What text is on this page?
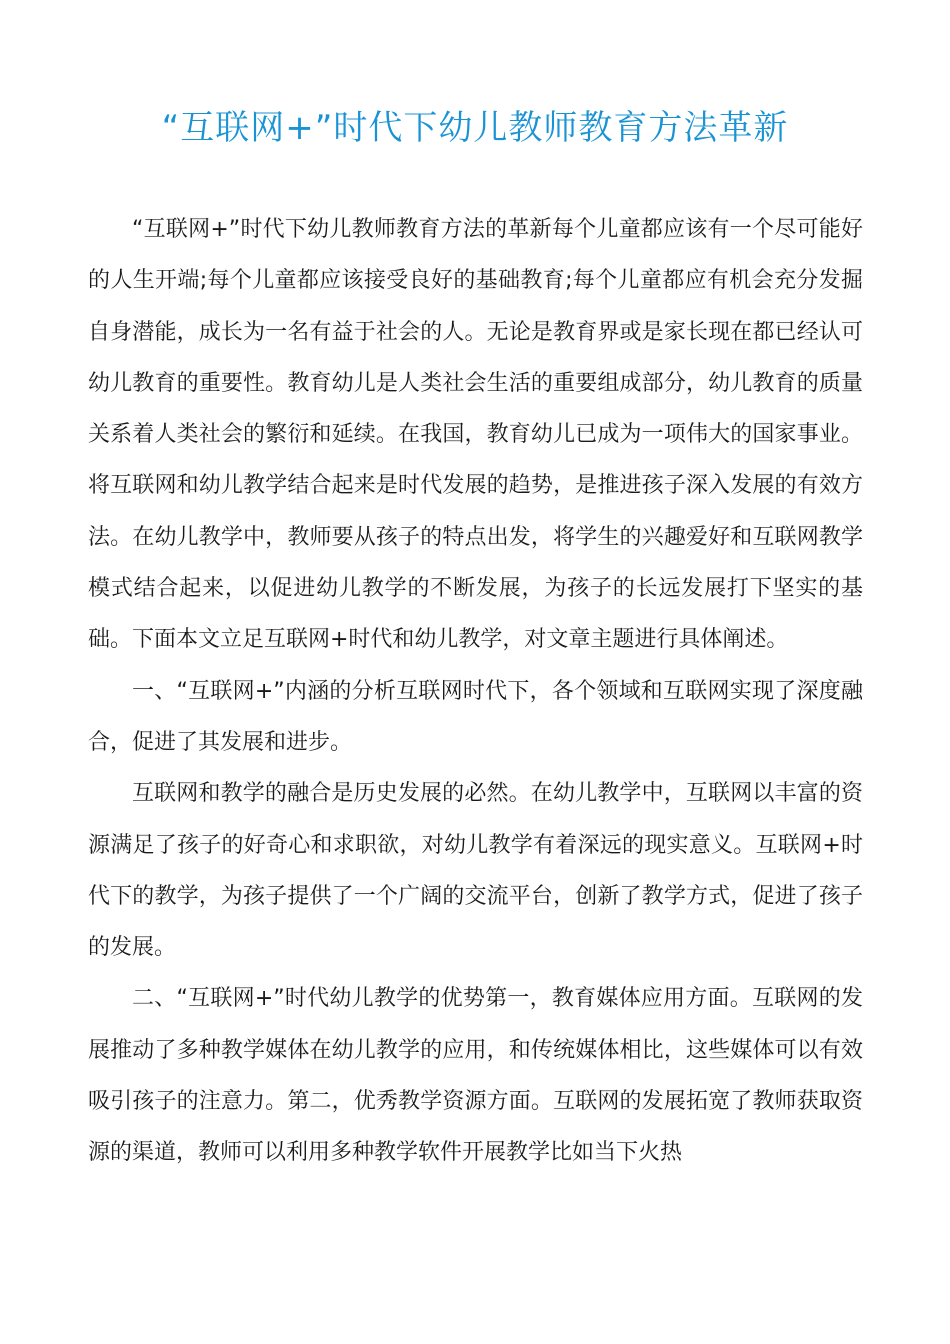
“互联网+”时代下幼儿教师教育方法革新

“互联网+”时代下幼儿教师教育方法的革新每个儿童都应该有一个尽可能好的人生开端;每个儿童都应该接受良好的基础教育;每个儿童都应有机会充分发掘自身潜能，成长为一名有益于社会的人。无论是教育界或是家长现在都已经认可幼儿教育的重要性。教育幼儿是人类社会生活的重要组成部分，幼儿教育的质量关系着人类社会的繁衍和延续。在我国，教育幼儿已成为一项伟大的国家事业。将互联网和幼儿教学结合起来是时代发展的趋势，是推进孩子深入发展的有效方法。在幼儿教学中，教师要从孩子的特点出发，将学生的兴趣爱好和互联网教学模式结合起来，以促进幼儿教学的不断发展，为孩子的长远发展打下坚实的基础。下面本文立足互联网+时代和幼儿教学，对文章主题进行具体阐述。

一、“互联网+”内涵的分析互联网时代下，各个领域和互联网实现了深度融合，促进了其发展和进步。

互联网和教学的融合是历史发展的必然。在幼儿教学中，互联网以丰富的资源满足了孩子的好奇心和求职欲，对幼儿教学有着深远的现实意义。互联网+时代下的教学，为孩子提供了一个广阔的交流平台，创新了教学方式，促进了孩子的发展。

二、“互联网+”时代幼儿教学的优势第一，教育媒体应用方面。互联网的发展推动了多种教学媒体在幼儿教学的应用，和传统媒体相比，这些媒体可以有效吸引孩子的注意力。第二，优秀教学资源方面。互联网的发展拓宽了教师获取资源的渠道，教师可以利用多种教学软件开展教学比如当下火热
